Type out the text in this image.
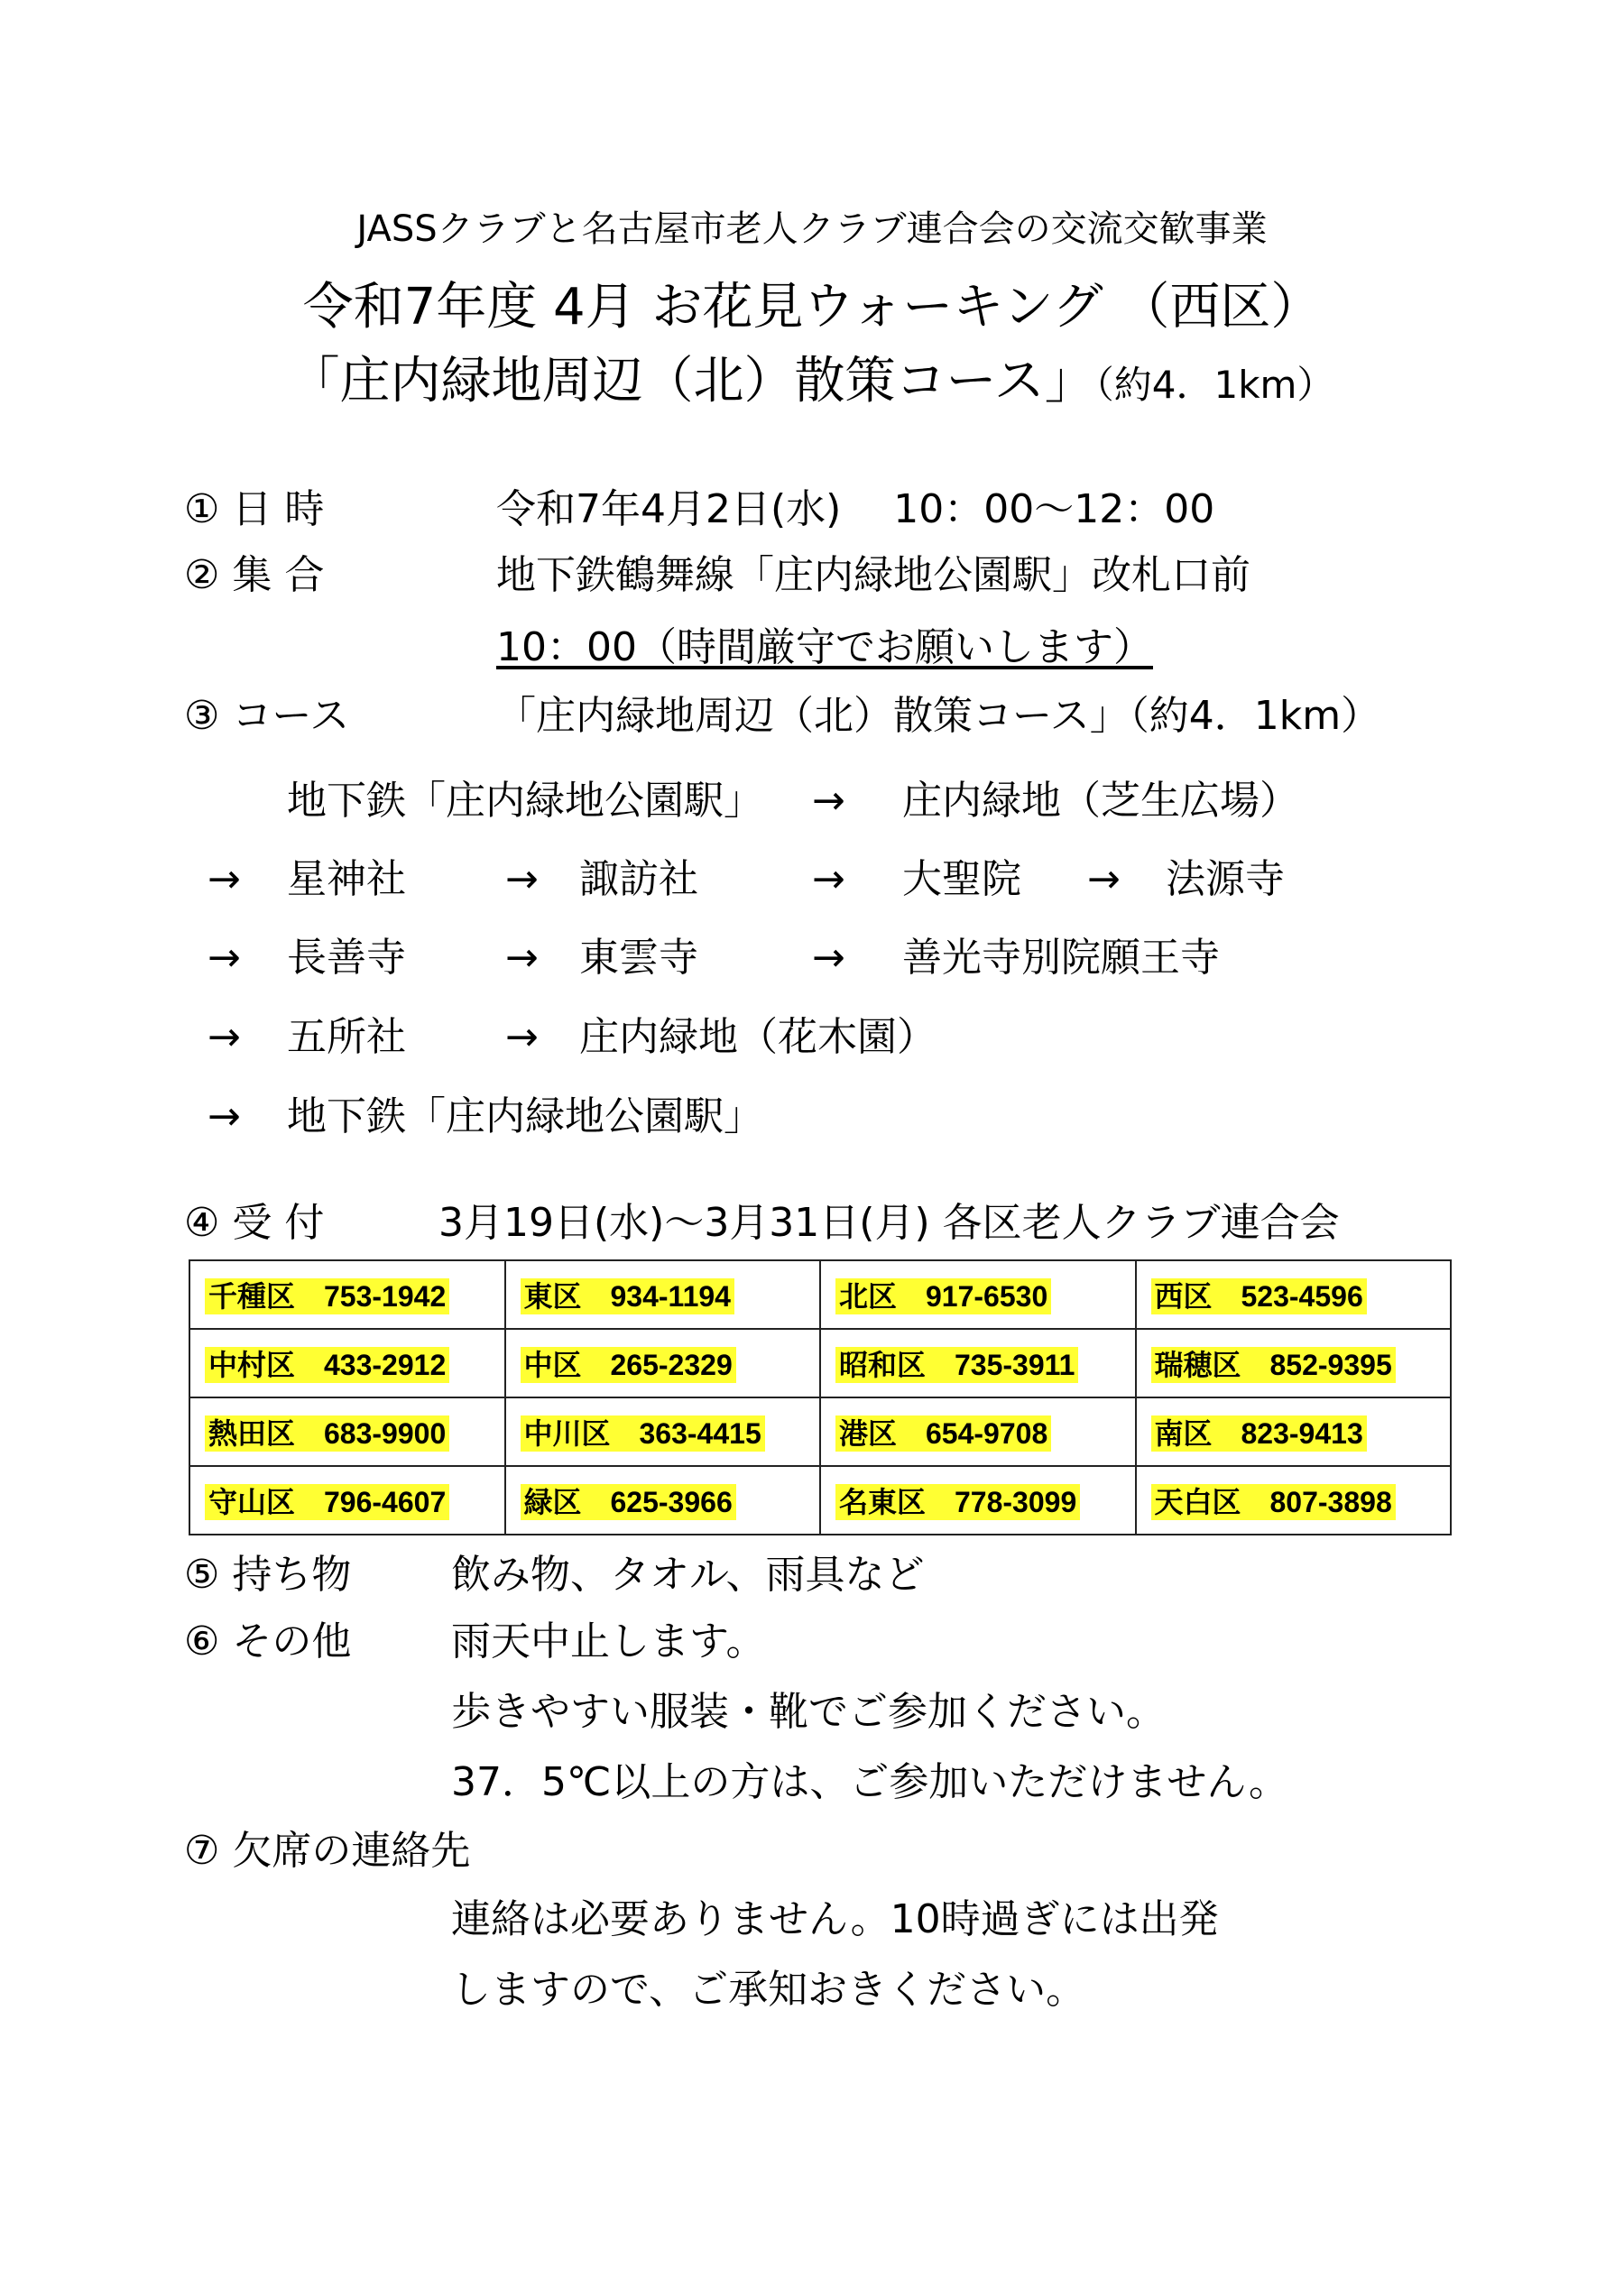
JASSクラブと名古屋市老人クラブ連合会の交流交歓事業
令和7年度 4月 お花見ウォーキング （西区）
「庄内緑地周辺（北）散策コース」（約4．1km）
① 日 時	令和7年4月2日(水)　 10：00～12：00
② 集 合	地下鉄鶴舞線「庄内緑地公園駅」改札口前
10：00（時間厳守でお願いします）
③ コース	「庄内緑地周辺（北）散策コース」（約4．1km）
地下鉄「庄内緑地公園駅」 → 庄内緑地（芝生広場）
→ 星神社	→ 諏訪社	→ 大聖院 → 法源寺
→ 長善寺	→ 東雲寺	→ 善光寺別院願王寺
→ 五所社	→ 庄内緑地（花木園）
→ 地下鉄「庄内緑地公園駅」
④ 受 付	3月19日(水)～3月31日(月) 各区老人クラブ連合会
千種区　753-1942	東区　934-1194	北区　917-6530	西区　523-4596
中村区　433-2912	中区　265-2329	昭和区　735-3911	瑞穂区　852-9395
熱田区　683-9900	中川区　363-4415	港区　654-9708	南区　823-9413
守山区　796-4607	緑区　625-3966	名東区　778-3099	天白区　807-3898
⑤ 持ち物	飲み物、タオル、雨具など
⑥ その他	雨天中止します。
歩きやすい服装・靴でご参加ください。
37．5℃以上の方は、ご参加いただけません。
⑦ 欠席の連絡先
連絡は必要ありません。10時過ぎには出発
しますので、ご承知おきください。
